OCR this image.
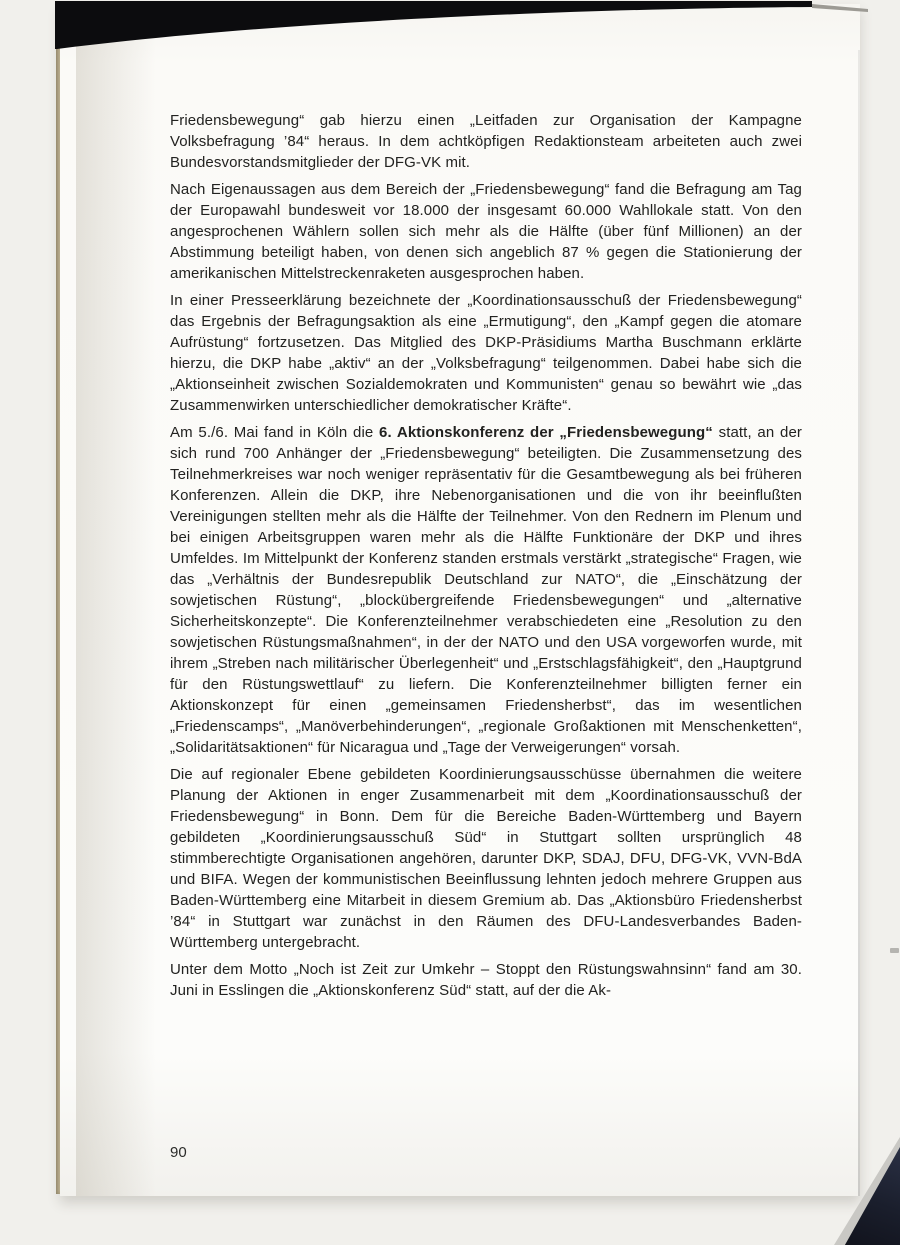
Friedensbewegung“ gab hierzu einen „Leitfaden zur Organisation der Kampagne Volksbefragung ’84“ heraus. In dem achtköpfigen Redaktionsteam arbeiteten auch zwei Bundesvorstandsmitglieder der DFG-VK mit.

Nach Eigenaussagen aus dem Bereich der „Friedensbewegung“ fand die Befragung am Tag der Europawahl bundesweit vor 18.000 der insgesamt 60.000 Wahllokale statt. Von den angesprochenen Wählern sollen sich mehr als die Hälfte (über fünf Millionen) an der Abstimmung beteiligt haben, von denen sich angeblich 87 % gegen die Stationierung der amerikanischen Mittelstreckenraketen ausgesprochen haben.

In einer Presseerklärung bezeichnete der „Koordinationsausschuß der Friedensbewegung“ das Ergebnis der Befragungsaktion als eine „Ermutigung“, den „Kampf gegen die atomare Aufrüstung“ fortzusetzen. Das Mitglied des DKP-Präsidiums Martha Buschmann erklärte hierzu, die DKP habe „aktiv“ an der „Volksbefragung“ teilgenommen. Dabei habe sich die „Aktionseinheit zwischen Sozialdemokraten und Kommunisten“ genau so bewährt wie „das Zusammenwirken unterschiedlicher demokratischer Kräfte“.

Am 5./6. Mai fand in Köln die 6. Aktionskonferenz der „Friedensbewegung“ statt, an der sich rund 700 Anhänger der „Friedensbewegung“ beteiligten. Die Zusammensetzung des Teilnehmerkreises war noch weniger repräsentativ für die Gesamtbewegung als bei früheren Konferenzen. Allein die DKP, ihre Nebenorganisationen und die von ihr beeinflußten Vereinigungen stellten mehr als die Hälfte der Teilnehmer. Von den Rednern im Plenum und bei einigen Arbeitsgruppen waren mehr als die Hälfte Funktionäre der DKP und ihres Umfeldes. Im Mittelpunkt der Konferenz standen erstmals verstärkt „strategische“ Fragen, wie das „Verhältnis der Bundesrepublik Deutschland zur NATO“, die „Einschätzung der sowjetischen Rüstung“, „blockübergreifende Friedensbewegungen“ und „alternative Sicherheitskonzepte“. Die Konferenzteilnehmer verabschiedeten eine „Resolution zu den sowjetischen Rüstungsmaßnahmen“, in der der NATO und den USA vorgeworfen wurde, mit ihrem „Streben nach militärischer Überlegenheit“ und „Erstschlagsfähigkeit“, den „Hauptgrund für den Rüstungswettlauf“ zu liefern. Die Konferenzteilnehmer billigten ferner ein Aktionskonzept für einen „gemeinsamen Friedensherbst“, das im wesentlichen „Friedenscamps“, „Manöverbehinderungen“, „regionale Großaktionen mit Menschenketten“, „Solidaritätsaktionen“ für Nicaragua und „Tage der Verweigerungen“ vorsah.

Die auf regionaler Ebene gebildeten Koordinierungsausschüsse übernahmen die weitere Planung der Aktionen in enger Zusammenarbeit mit dem „Koordinationsausschuß der Friedensbewegung“ in Bonn. Dem für die Bereiche Baden-Württemberg und Bayern gebildeten „Koordinierungsausschuß Süd“ in Stuttgart sollten ursprünglich 48 stimmberechtigte Organisationen angehören, darunter DKP, SDAJ, DFU, DFG-VK, VVN-BdA und BIFA. Wegen der kommunistischen Beeinflussung lehnten jedoch mehrere Gruppen aus Baden-Württemberg eine Mitarbeit in diesem Gremium ab. Das „Aktionsbüro Friedensherbst ’84“ in Stuttgart war zunächst in den Räumen des DFU-Landesverbandes Baden-Württemberg untergebracht.

Unter dem Motto „Noch ist Zeit zur Umkehr – Stoppt den Rüstungswahnsinn“ fand am 30. Juni in Esslingen die „Aktionskonferenz Süd“ statt, auf der die Ak-

90
